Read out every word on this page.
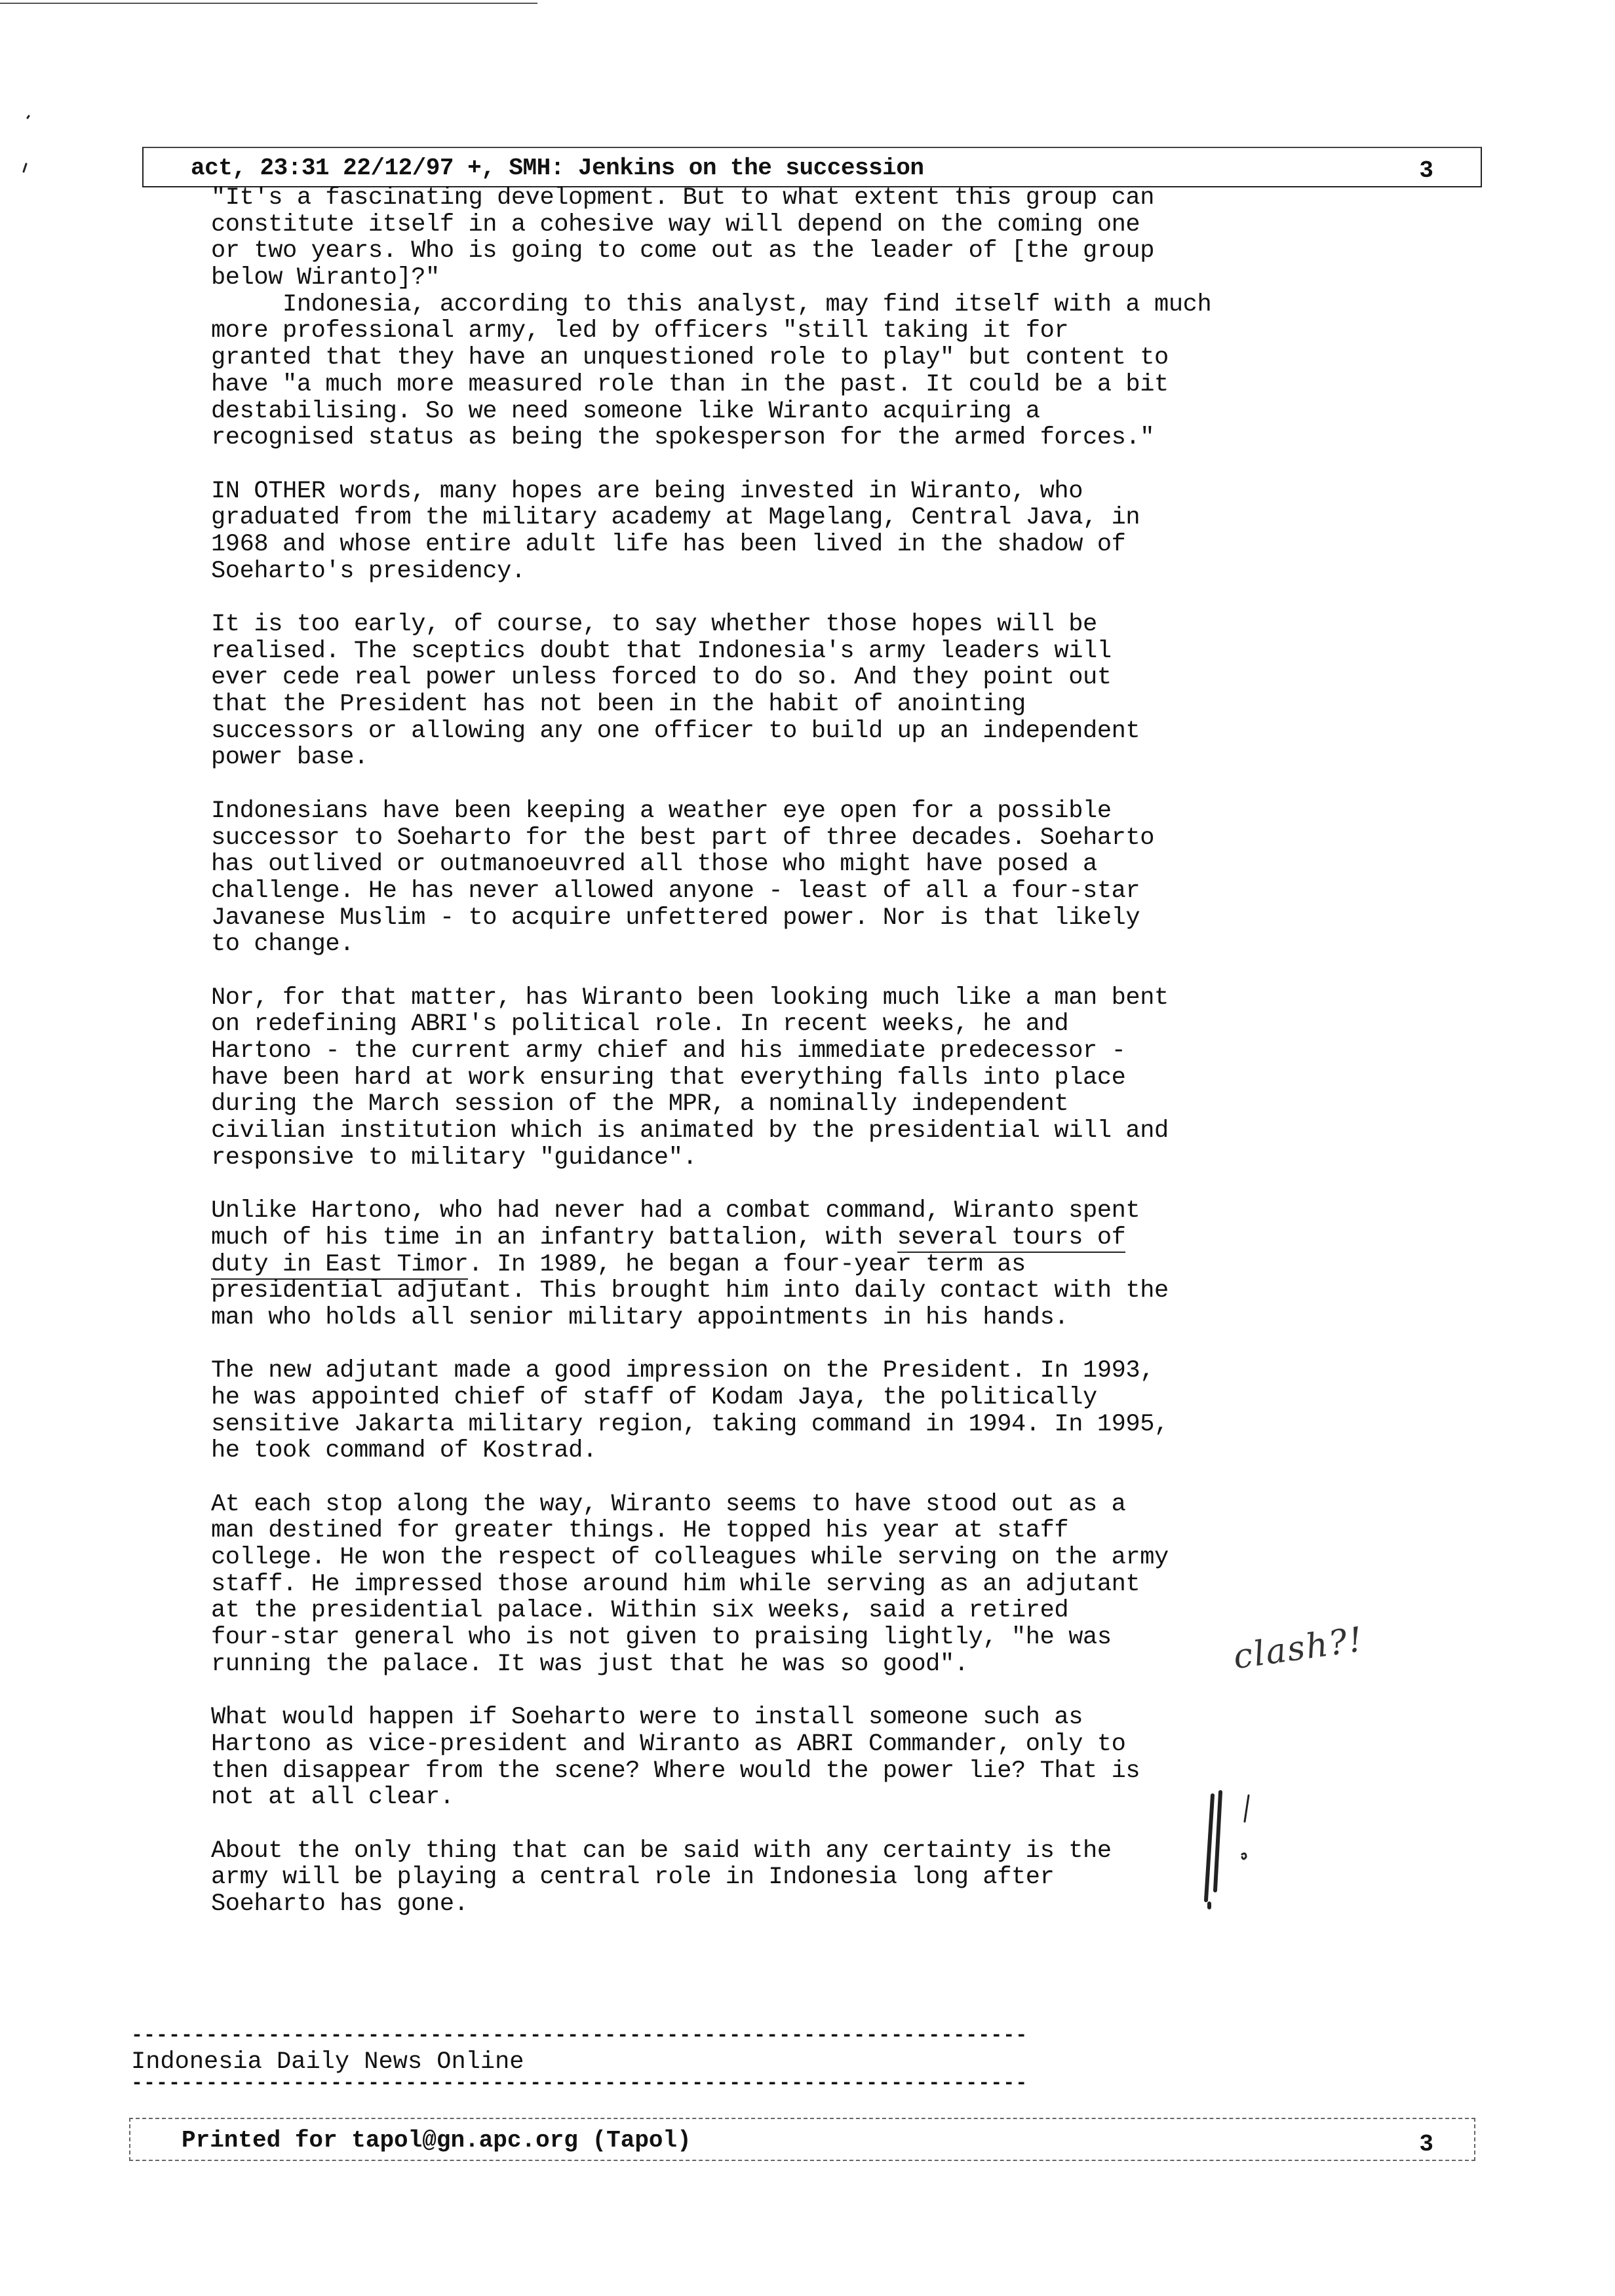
act, 23:31 22/12/97 +, SMH: Jenkins on the succession	3
"It's a fascinating development. But to what extent this group can
constitute itself in a cohesive way will depend on the coming one
or two years. Who is going to come out as the leader of [the group
below Wiranto]?"
Indonesia, according to this analyst, may find itself with a much
more professional army, led by officers "still taking it for
granted that they have an unquestioned role to play" but content to
have "a much more measured role than in the past. It could be a bit
destabilising. So we need someone like Wiranto acquiring a
recognised status as being the spokesperson for the armed forces."
IN OTHER words, many hopes are being invested in Wiranto, who
graduated from the military academy at Magelang, Central Java, in
1968 and whose entire adult life has been lived in the shadow of
Soeharto's presidency.
It is too early, of course, to say whether those hopes will be
realised. The sceptics doubt that Indonesia's army leaders will
ever cede real power unless forced to do so. And they point out
that the President has not been in the habit of anointing
successors or allowing any one officer to build up an independent
power base.
Indonesians have been keeping a weather eye open for a possible
successor to Soeharto for the best part of three decades. Soeharto
has outlived or outmanoeuvred all those who might have posed a
challenge. He has never allowed anyone - least of all a four-star
Javanese Muslim - to acquire unfettered power. Nor is that likely
to change.
Nor, for that matter, has Wiranto been looking much like a man bent
on redefining ABRI's political role. In recent weeks, he and
Hartono - the current army chief and his immediate predecessor -
have been hard at work ensuring that everything falls into place
during the March session of the MPR, a nominally independent
civilian institution which is animated by the presidential will and
responsive to military "guidance".
Unlike Hartono, who had never had a combat command, Wiranto spent
much of his time in an infantry battalion, with several tours of
duty in East Timor. In 1989, he began a four-year term as
presidential adjutant. This brought him into daily contact with the
man who holds all senior military appointments in his hands.
The new adjutant made a good impression on the President. In 1993,
he was appointed chief of staff of Kodam Jaya, the politically
sensitive Jakarta military region, taking command in 1994. In 1995,
he took command of Kostrad.
At each stop along the way, Wiranto seems to have stood out as a
man destined for greater things. He topped his year at staff
college. He won the respect of colleagues while serving on the army
staff. He impressed those around him while serving as an adjutant
at the presidential palace. Within six weeks, said a retired
four-star general who is not given to praising lightly, "he was
running the palace. It was just that he was so good".
What would happen if Soeharto were to install someone such as
Hartono as vice-president and Wiranto as ABRI Commander, only to
then disappear from the scene? Where would the power lie? That is
not at all clear.
About the only thing that can be said with any certainty is the
army will be playing a central role in Indonesia long after
Soeharto has gone.
------------------------------------------------------------------------
Indonesia Daily News Online
------------------------------------------------------------------------
Printed for tapol@gn.apc.org (Tapol)	3
clash?!
